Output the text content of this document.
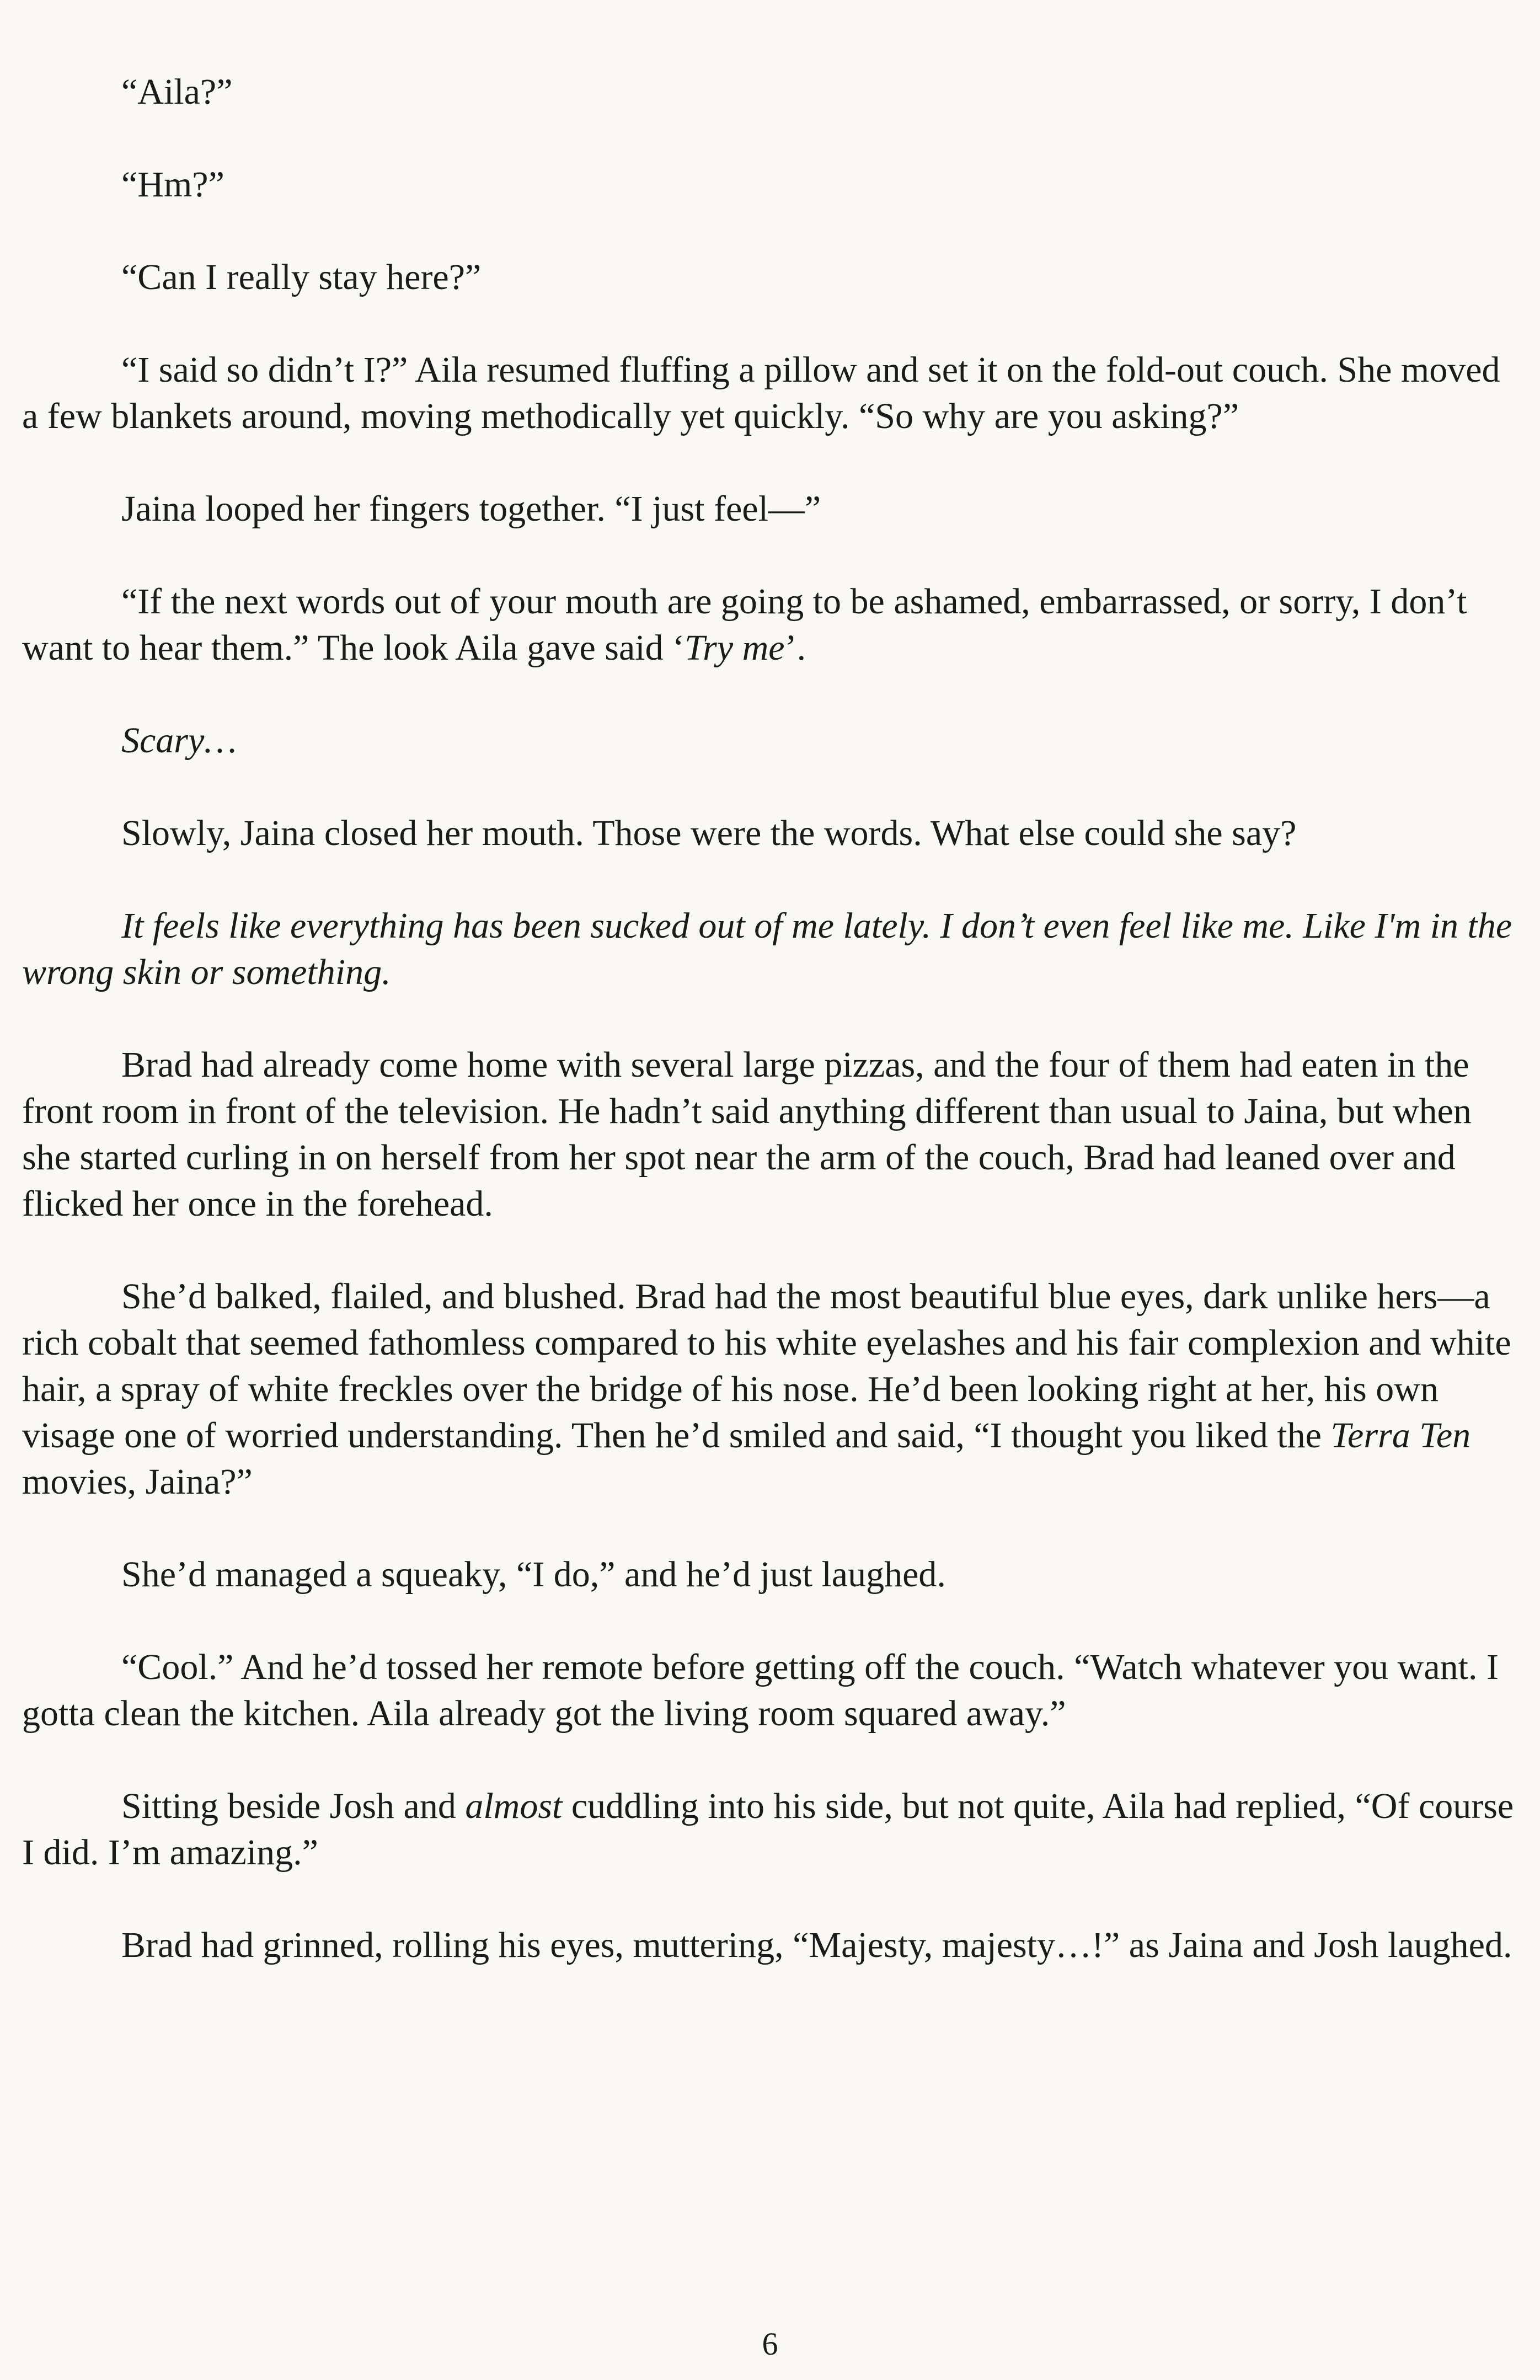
“Aila?”

“Hm?”

“Can I really stay here?”

“I said so didn’t I?” Aila resumed fluffing a pillow and set it on the fold-out couch. She moved a few blankets around, moving methodically yet quickly. “So why are you asking?”

Jaina looped her fingers together. “I just feel—”

“If the next words out of your mouth are going to be ashamed, embarrassed, or sorry, I don’t want to hear them.” The look Aila gave said ‘Try me’.

Scary…

Slowly, Jaina closed her mouth. Those were the words. What else could she say?

It feels like everything has been sucked out of me lately. I don’t even feel like me. Like I'm in the wrong skin or something.

Brad had already come home with several large pizzas, and the four of them had eaten in the front room in front of the television. He hadn’t said anything different than usual to Jaina, but when she started curling in on herself from her spot near the arm of the couch, Brad had leaned over and flicked her once in the forehead.

She’d balked, flailed, and blushed. Brad had the most beautiful blue eyes, dark unlike hers—a rich cobalt that seemed fathomless compared to his white eyelashes and his fair complexion and white hair, a spray of white freckles over the bridge of his nose. He’d been looking right at her, his own visage one of worried understanding. Then he’d smiled and said, “I thought you liked the Terra Ten movies, Jaina?”

She’d managed a squeaky, “I do,” and he’d just laughed.

“Cool.” And he’d tossed her remote before getting off the couch. “Watch whatever you want. I gotta clean the kitchen. Aila already got the living room squared away.”

Sitting beside Josh and almost cuddling into his side, but not quite, Aila had replied, “Of course I did. I’m amazing.”

Brad had grinned, rolling his eyes, muttering, “Majesty, majesty…!” as Jaina and Josh laughed.

6
